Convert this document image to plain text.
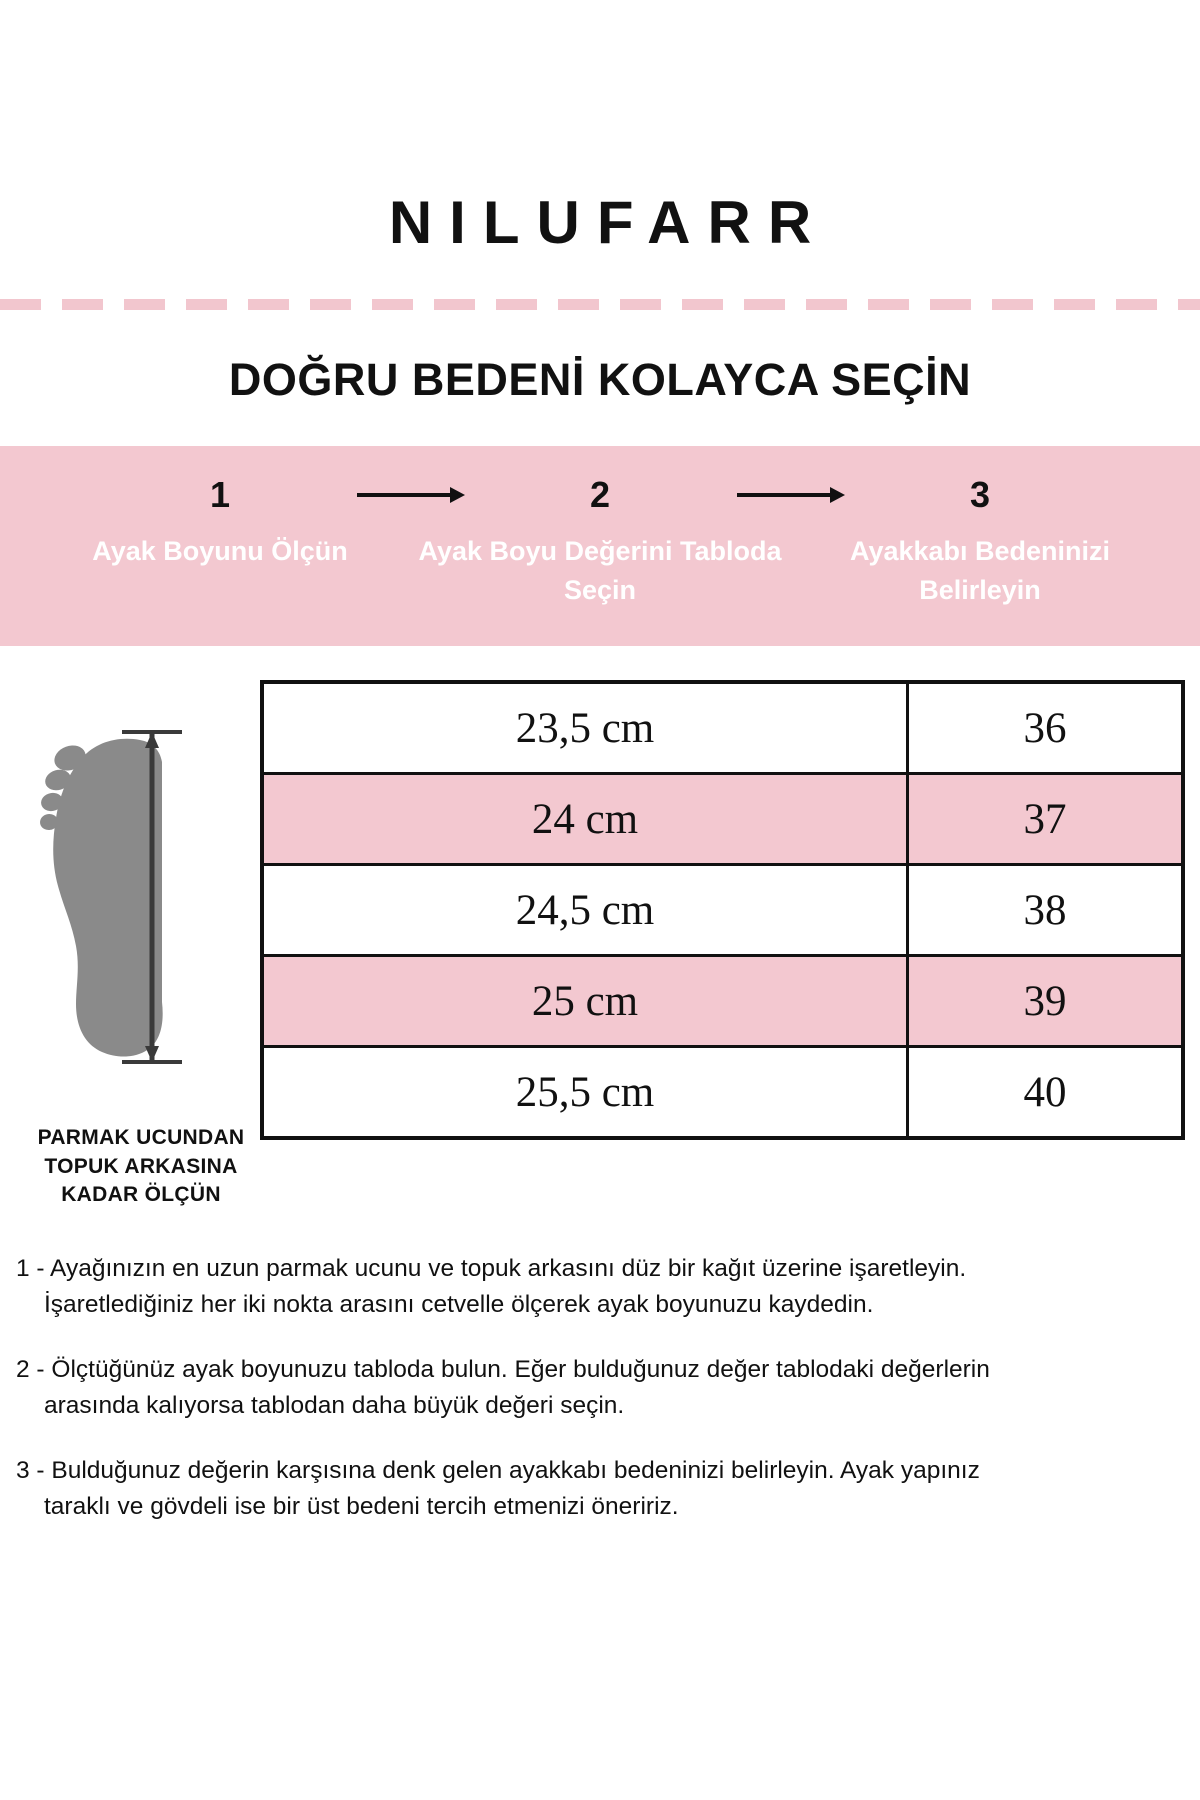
NILUFARR
DOĞRU BEDENİ KOLAYCA SEÇİN
1	2	3
Ayak Boyunu Ölçün	Ayak Boyu Değerini Tabloda Seçin
Ayakkabı Bedeninizi Belirleyin
PARMAK UCUNDAN
TOPUK ARKASINA
KADAR ÖLÇÜN
23,5 cm	36
24 cm	37
24,5 cm	38
25 cm	39
25,5 cm	40
1 - Ayağınızın en uzun parmak ucunu ve topuk arkasını düz bir kağıt üzerine işaretleyin.
İşaretlediğiniz her iki nokta arasını cetvelle ölçerek ayak boyunuzu kaydedin.
2 - Ölçtüğünüz ayak boyunuzu tabloda bulun. Eğer bulduğunuz değer tablodaki değerlerin
arasında kalıyorsa tablodan daha büyük değeri seçin.
3 - Bulduğunuz değerin karşısına denk gelen ayakkabı bedeninizi belirleyin. Ayak yapınız
taraklı ve gövdeli ise bir üst bedeni tercih etmenizi öneririz.
